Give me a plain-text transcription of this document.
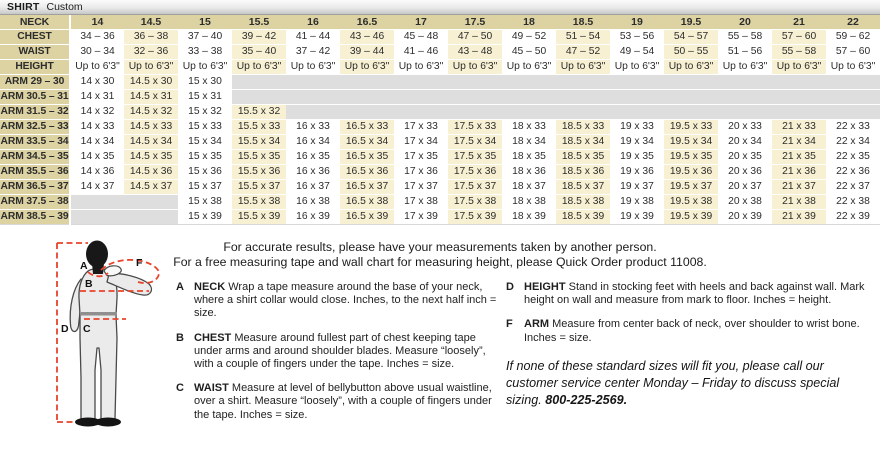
SHIRT Custom
NECK	14	14.5	15	15.5	16	16.5	17	17.5	18	18.5	19	19.5	20	21	22
CHEST	34 – 36	36 – 38	37 – 40	39 – 42	41 – 44	43 – 46	45 – 48	47 – 50	49 – 52	51 – 54	53 – 56	54 – 57	55 – 58	57 – 60	59 – 62
WAIST	30 – 34	32 – 36	33 – 38	35 – 40	37 – 42	39 – 44	41 – 46	43 – 48	45 – 50	47 – 52	49 – 54	50 – 55	51 – 56	55 – 58	57 – 60
HEIGHT	Up to 6'3"	Up to 6'3"	Up to 6'3"	Up to 6'3"	Up to 6'3"	Up to 6'3"	Up to 6'3"	Up to 6'3"	Up to 6'3"	Up to 6'3"	Up to 6'3"	Up to 6'3"	Up to 6'3"	Up to 6'3"	Up to 6'3"
ARM 29 – 30	14 x 30	14.5 x 30	15 x 30												
ARM 30.5 – 31	14 x 31	14.5 x 31	15 x 31												
ARM 31.5 – 32	14 x 32	14.5 x 32	15 x 32	15.5 x 32											
ARM 32.5 – 33	14 x 33	14.5 x 33	15 x 33	15.5 x 33	16 x 33	16.5 x 33	17 x 33	17.5 x 33	18 x 33	18.5 x 33	19 x 33	19.5 x 33	20 x 33	21 x 33	22 x 33
ARM 33.5 – 34	14 x 34	14.5 x 34	15 x 34	15.5 x 34	16 x 34	16.5 x 34	17 x 34	17.5 x 34	18 x 34	18.5 x 34	19 x 34	19.5 x 34	20 x 34	21 x 34	22 x 34
ARM 34.5 – 35	14 x 35	14.5 x 35	15 x 35	15.5 x 35	16 x 35	16.5 x 35	17 x 35	17.5 x 35	18 x 35	18.5 x 35	19 x 35	19.5 x 35	20 x 35	21 x 35	22 x 35
ARM 35.5 – 36	14 x 36	14.5 x 36	15 x 36	15.5 x 36	16 x 36	16.5 x 36	17 x 36	17.5 x 36	18 x 36	18.5 x 36	19 x 36	19.5 x 36	20 x 36	21 x 36	22 x 36
ARM 36.5 – 37	14 x 37	14.5 x 37	15 x 37	15.5 x 37	16 x 37	16.5 x 37	17 x 37	17.5 x 37	18 x 37	18.5 x 37	19 x 37	19.5 x 37	20 x 37	21 x 37	22 x 37
ARM 37.5 – 38			15 x 38	15.5 x 38	16 x 38	16.5 x 38	17 x 38	17.5 x 38	18 x 38	18.5 x 38	19 x 38	19.5 x 38	20 x 38	21 x 38	22 x 38
ARM 38.5 – 39			15 x 39	15.5 x 39	16 x 39	16.5 x 39	17 x 39	17.5 x 39	18 x 39	18.5 x 39	19 x 39	19.5 x 39	20 x 39	21 x 39	22 x 39
A
B
C
D
F
For accurate results, please have your measurements taken by another person.
For a free measuring tape and wall chart for measuring height, please Quick Order product 11008.
A NECK Wrap a tape measure around the base of your neck, where a shirt collar would close. Inches, to the next half inch = size.
B CHEST Measure around fullest part of chest keeping tape under arms and around shoulder blades. Measure “loosely”, with a couple of fingers under the tape. Inches = size.
C WAIST Measure at level of bellybutton above usual waistline, over a shirt. Measure “loosely”, with a couple of fingers under the tape. Inches = size.
D HEIGHT Stand in stocking feet with heels and back against wall. Mark height on wall and measure from mark to floor. Inches = height.
F	ARM Measure from center back of neck, over shoulder to wrist bone. Inches = size.
If none of these standard sizes will fit you, please call our customer service center Monday – Friday to discuss special sizing. 800-225-2569.
